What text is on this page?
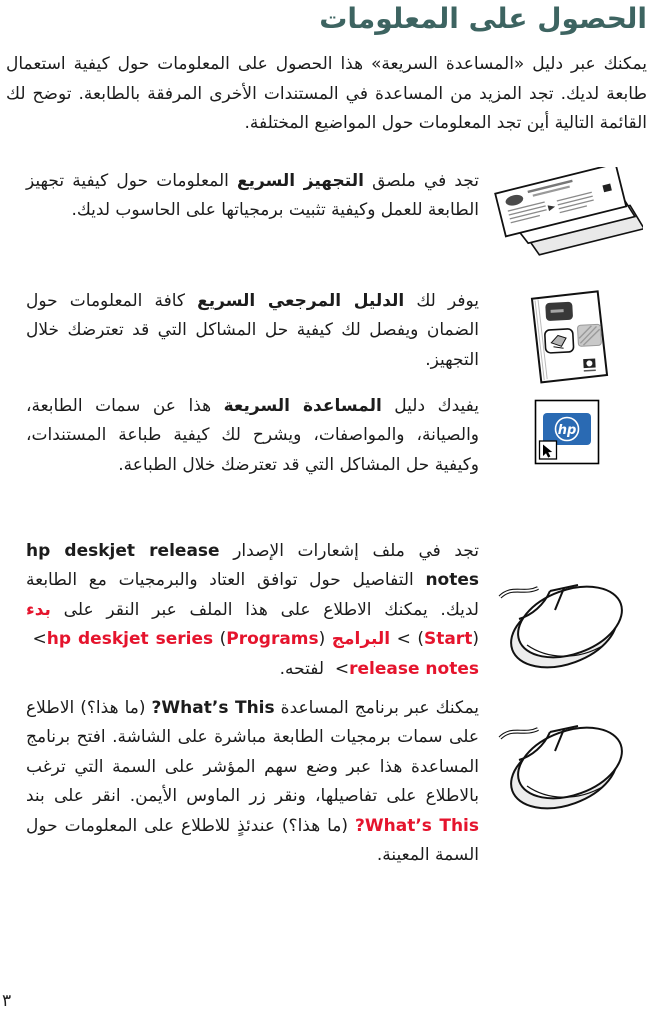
الحصول على المعلومات

يمكنك عبر دليل «المساعدة السريعة» هذا الحصول على المعلومات حول كيفية استعمال طابعة لديك. تجد المزيد من المساعدة في المستندات الأخرى المرفقة بالطابعة. توضح لك القائمة التالية أين تجد المعلومات حول المواضيع المختلفة.

تجد في ملصق التجهيز السريع المعلومات حول كيفية تجهيز الطابعة للعمل وكيفية تثبيت برمجياتها على الحاسوب لديك.

يوفر لك الدليل المرجعي السريع كافة المعلومات حول الضمان ويفصل لك كيفية حل المشاكل التي قد تعترضك خلال التجهيز.

hp

يفيدك دليل المساعدة السريعة هذا عن سمات الطابعة، والصيانة، والمواصفات، ويشرح لك كيفية طباعة المستندات، وكيفية حل المشاكل التي قد تعترضك خلال الطباعة.

تجد في ملف إشعارات الإصدار hp deskjet release notes التفاصيل حول توافق العتاد والبرمجيات مع الطابعة لديك. يمكنك الاطلاع على هذا الملف عبر النقر على بدء (Start) > البرامج (Programs) > hp deskjet series > release notes لفتحه.

يمكنك عبر برنامج المساعدة What’s This? (ما هذا؟) الاطلاع على سمات برمجيات الطابعة مباشرة على الشاشة. افتح برنامج المساعدة هذا عبر وضع سهم المؤشر على السمة التي ترغب بالاطلاع على تفاصيلها، ونقر زر الماوس الأيمن. انقر على بند What’s This? (ما هذا؟) عندئذٍ للاطلاع على المعلومات حول السمة المعينة.

٣
